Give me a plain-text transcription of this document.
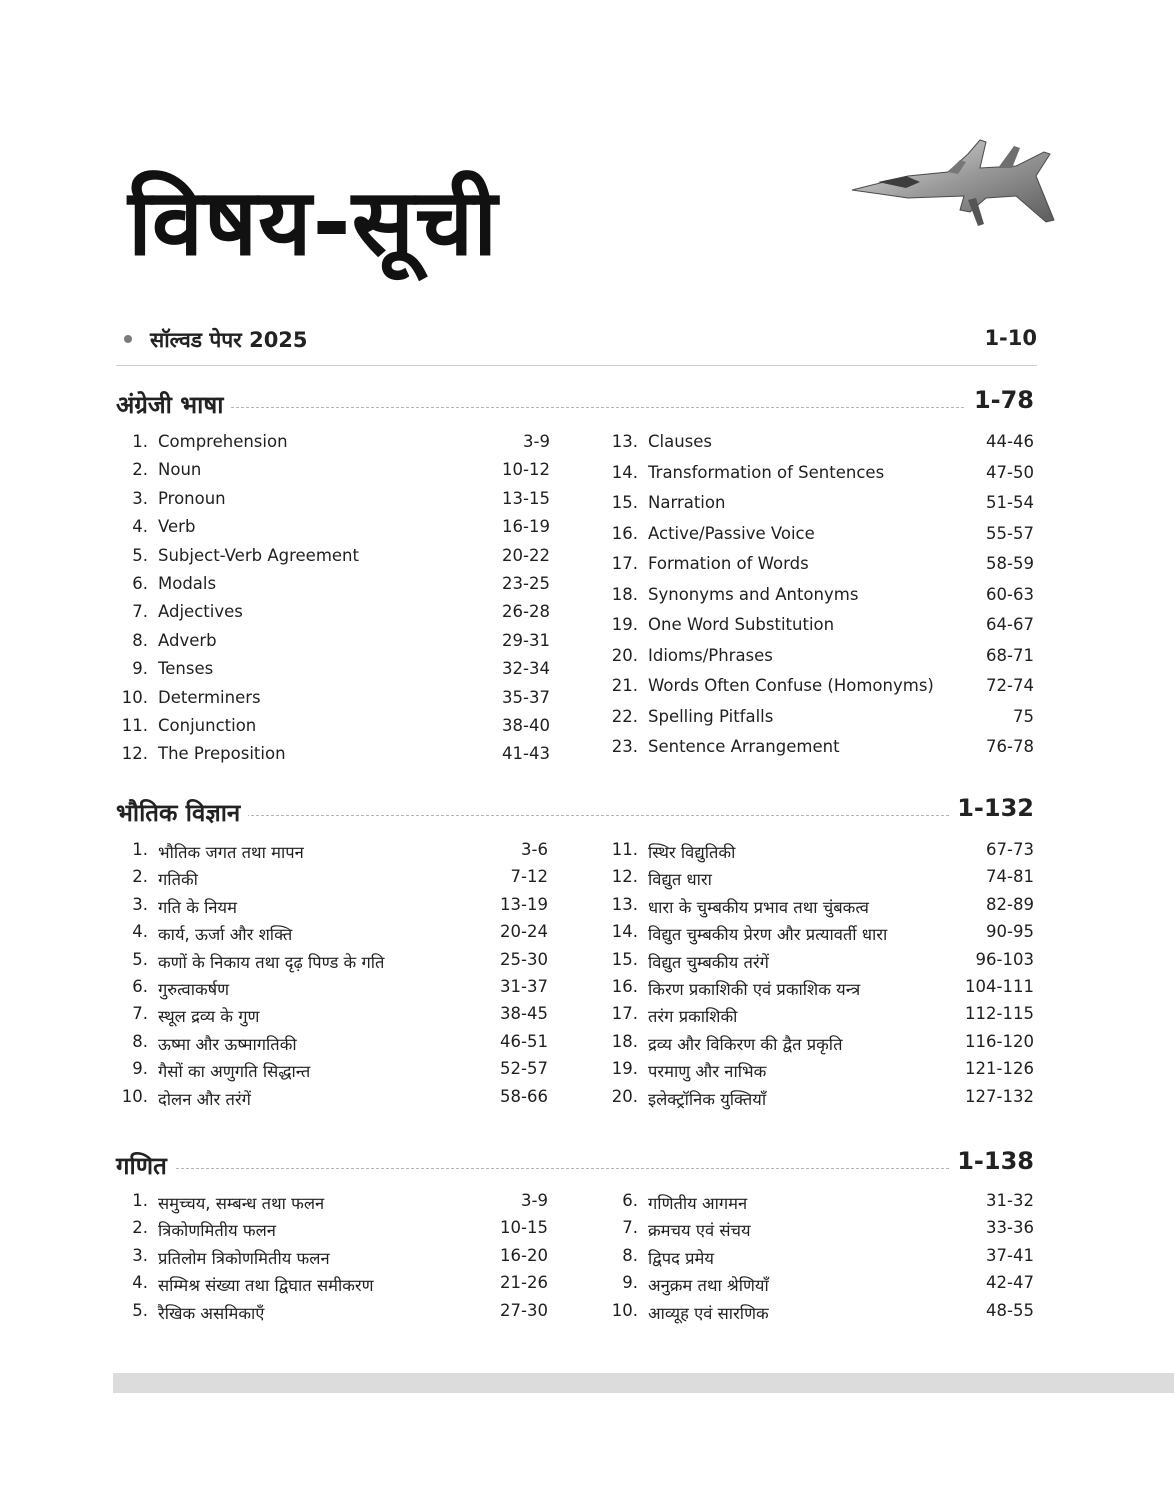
विषय-सूची
सॉल्वड पेपर 2025	1-10
अंग्रेजी भाषा	1-78
1. Comprehension	3-9
2. Noun	10-12
3. Pronoun	13-15
4. Verb	16-19
5. Subject-Verb Agreement	20-22
6. Modals	23-25
7. Adjectives	26-28
8. Adverb	29-31
9. Tenses	32-34
10. Determiners	35-37
11. Conjunction	38-40
12. The Preposition	41-43
13. Clauses	44-46
14. Transformation of Sentences	47-50
15. Narration	51-54
16. Active/Passive Voice	55-57
17. Formation of Words	58-59
18. Synonyms and Antonyms	60-63
19. One Word Substitution	64-67
20. Idioms/Phrases	68-71
21. Words Often Confuse (Homonyms)	72-74
22. Spelling Pitfalls	75
23. Sentence Arrangement	76-78
भौतिक विज्ञान	1-132
1. भौतिक जगत तथा मापन	3-6
2. गतिकी	7-12
3. गति के नियम	13-19
4. कार्य, ऊर्जा और शक्ति	20-24
5. कणों के निकाय तथा दृढ़ पिण्ड के गति	25-30
6. गुरुत्वाकर्षण	31-37
7. स्थूल द्रव्य के गुण	38-45
8. ऊष्मा और ऊष्मागतिकी	46-51
9. गैसों का अणुगति सिद्धान्त	52-57
10. दोलन और तरंगें	58-66
11. स्थिर विद्युतिकी	67-73
12. विद्युत धारा	74-81
13. धारा के चुम्बकीय प्रभाव तथा चुंबकत्व	82-89
14. विद्युत चुम्बकीय प्रेरण और प्रत्यावर्ती धारा	90-95
15. विद्युत चुम्बकीय तरंगें	96-103
16. किरण प्रकाशिकी एवं प्रकाशिक यन्त्र	104-111
17. तरंग प्रकाशिकी	112-115
18. द्रव्य और विकिरण की द्वैत प्रकृति	116-120
19. परमाणु और नाभिक	121-126
20. इलेक्ट्रॉनिक युक्तियाँ	127-132
गणित	1-138
1. समुच्चय, सम्बन्ध तथा फलन	3-9
2. त्रिकोणमितीय फलन	10-15
3. प्रतिलोम त्रिकोणमितीय फलन	16-20
4. सम्मिश्र संख्या तथा द्विघात समीकरण	21-26
5. रैखिक असमिकाएँ	27-30
6. गणितीय आगमन	31-32
7. क्रमचय एवं संचय	33-36
8. द्विपद प्रमेय	37-41
9. अनुक्रम तथा श्रेणियाँ	42-47
10. आव्यूह एवं सारणिक	48-55
